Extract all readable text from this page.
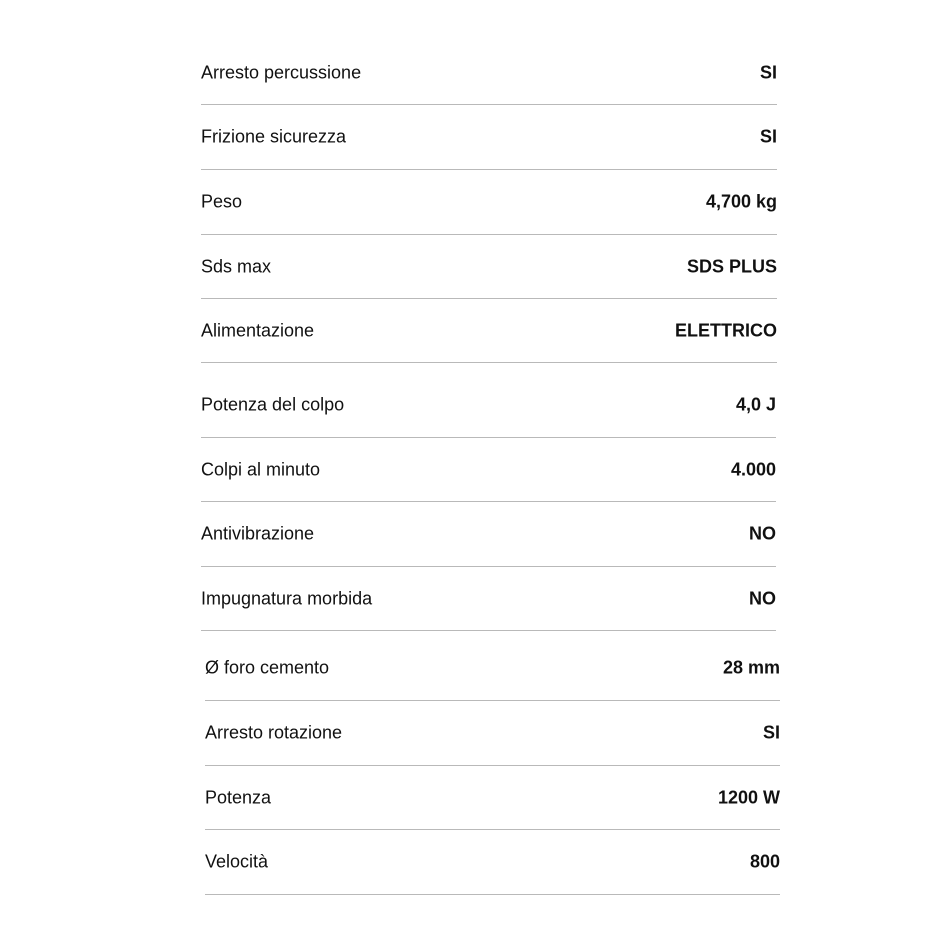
Arresto percussione	SI
Frizione sicurezza	SI
Peso	4,700 kg
Sds max	SDS PLUS
Alimentazione	ELETTRICO
Potenza del colpo	4,0 J
Colpi al minuto	4.000
Antivibrazione	NO
Impugnatura morbida	NO
Ø foro cemento	28 mm
Arresto rotazione	SI
Potenza	1200 W
Velocità	800
